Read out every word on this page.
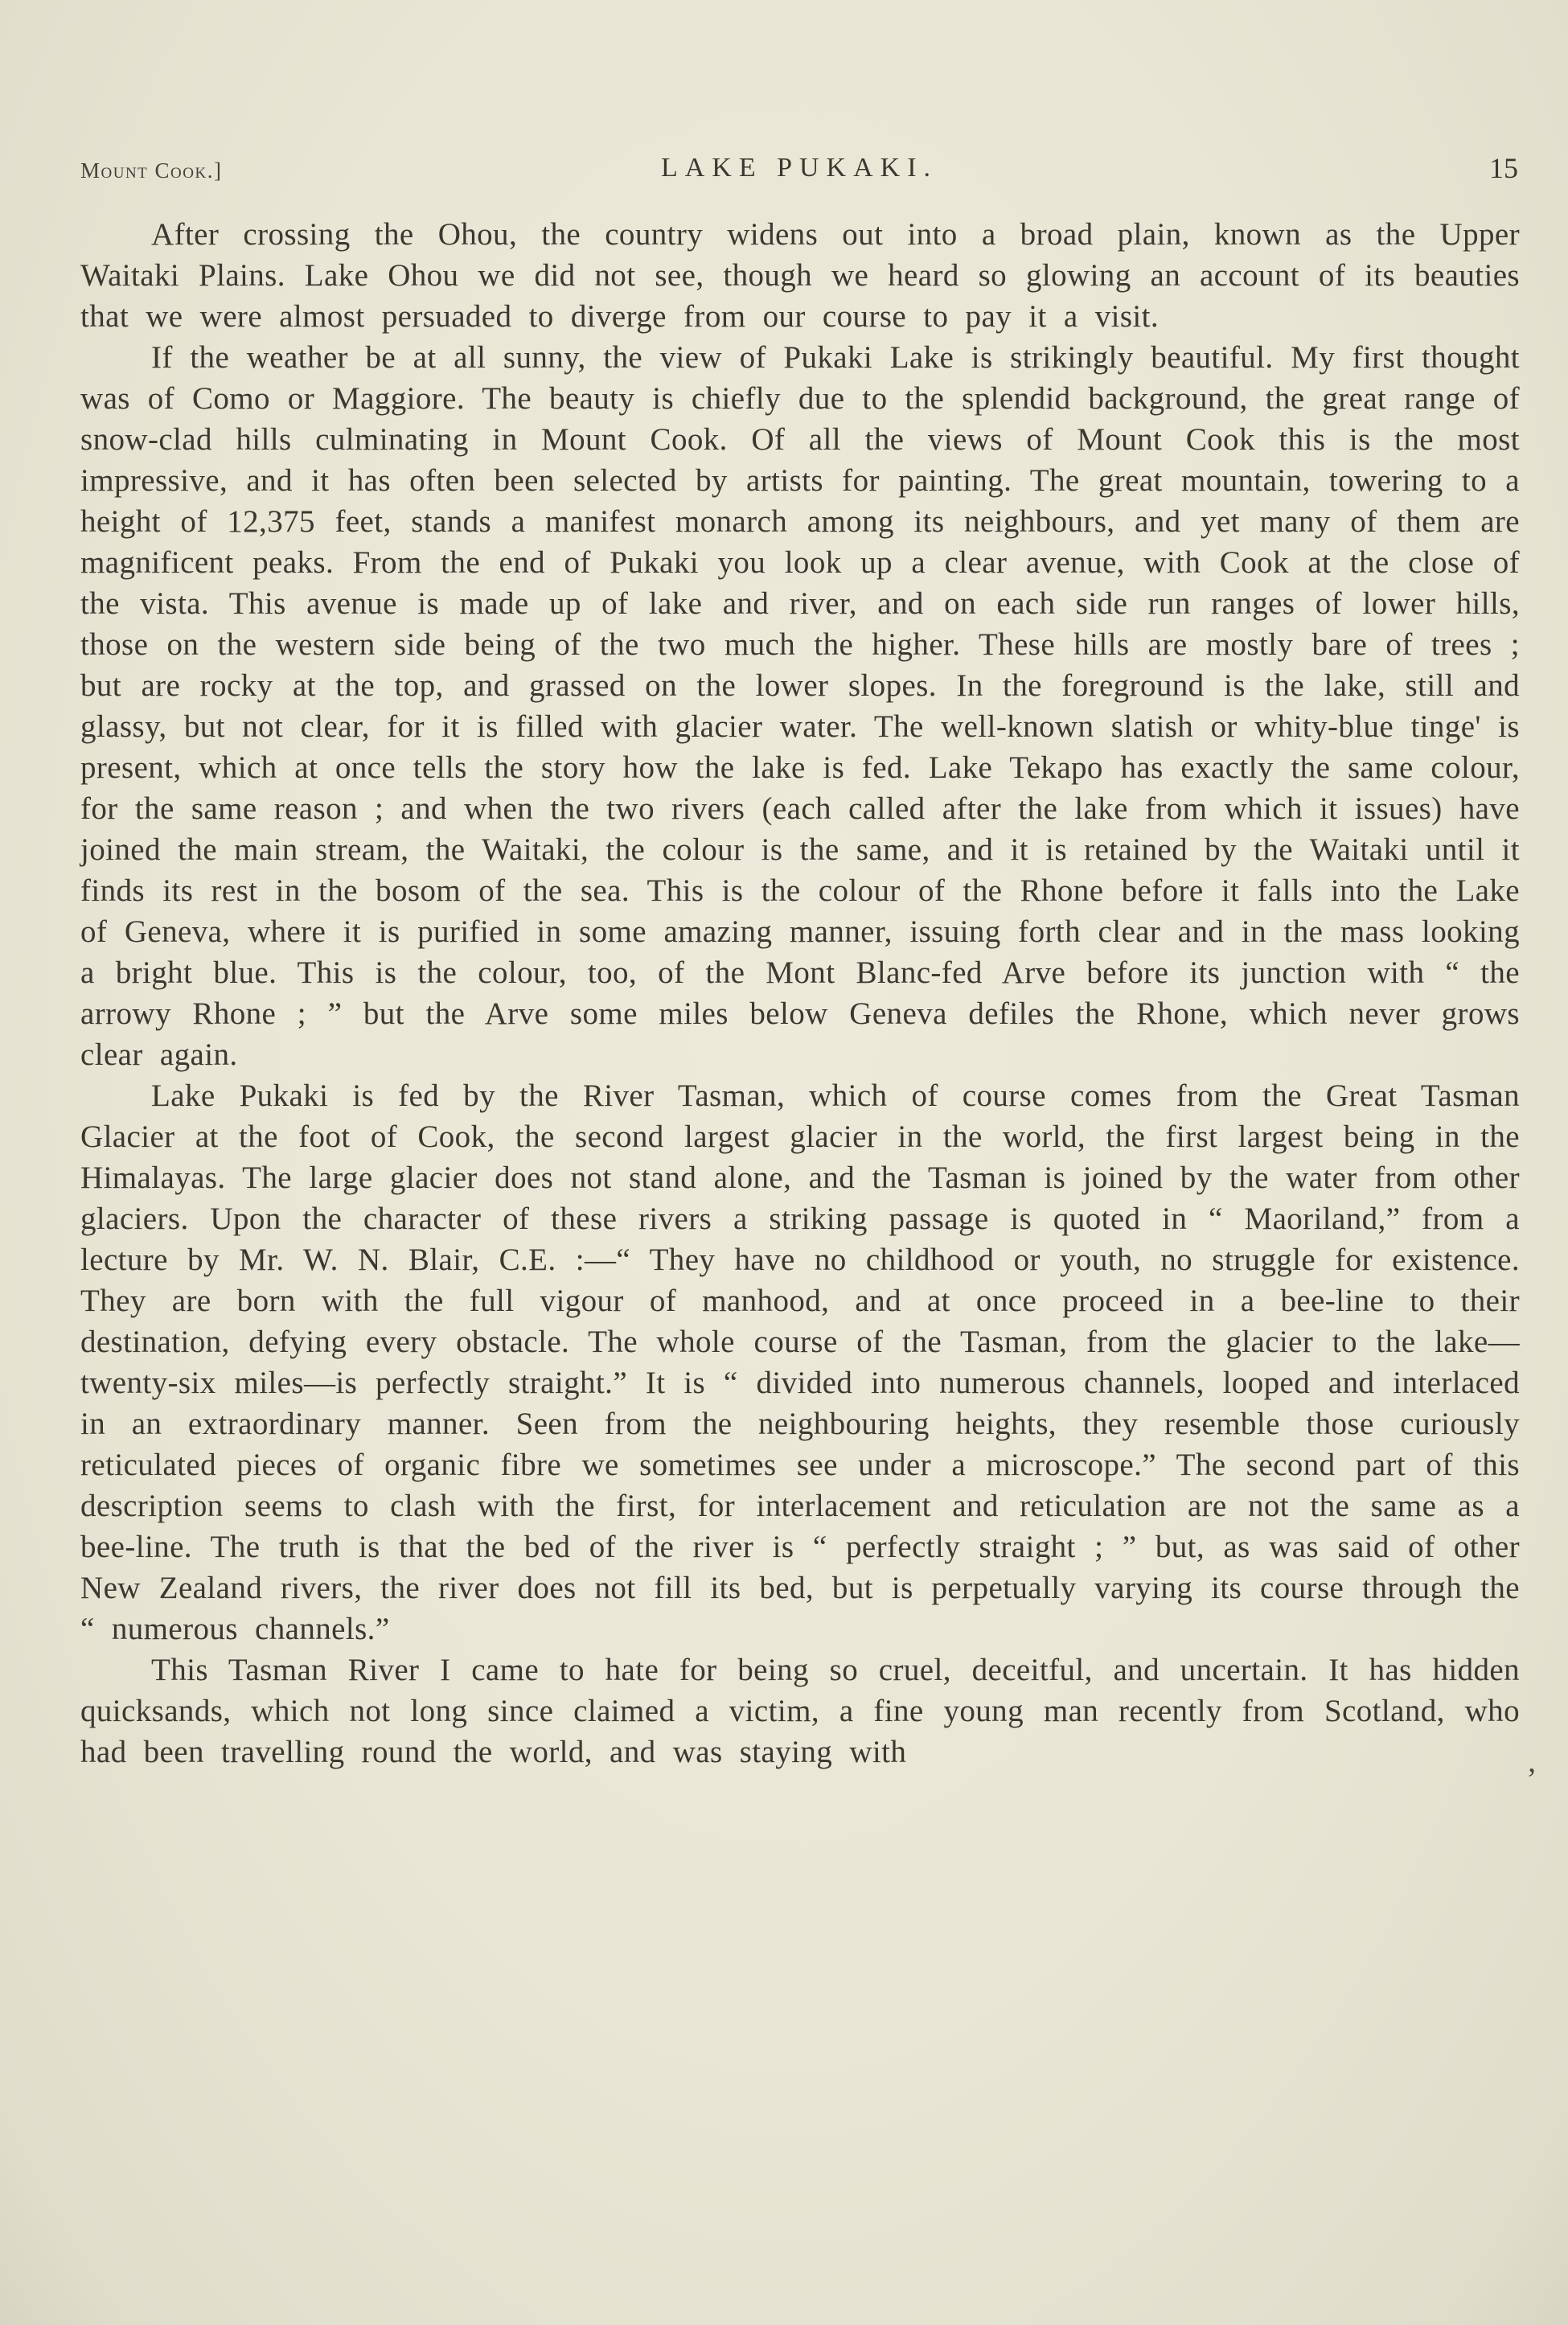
Mount Cook.]	LAKE PUKAKI.	15

After crossing the Ohou, the country widens out into a broad plain, known as the Upper Waitaki Plains. Lake Ohou we did not see, though we heard so glowing an account of its beauties that we were almost persuaded to diverge from our course to pay it a visit.

If the weather be at all sunny, the view of Pukaki Lake is strikingly beautiful. My first thought was of Como or Maggiore. The beauty is chiefly due to the splendid background, the great range of snow-clad hills culminating in Mount Cook. Of all the views of Mount Cook this is the most impressive, and it has often been selected by artists for painting. The great mountain, towering to a height of 12,375 feet, stands a manifest monarch among its neighbours, and yet many of them are magnificent peaks. From the end of Pukaki you look up a clear avenue, with Cook at the close of the vista. This avenue is made up of lake and river, and on each side run ranges of lower hills, those on the western side being of the two much the higher. These hills are mostly bare of trees ; but are rocky at the top, and grassed on the lower slopes. In the foreground is the lake, still and glassy, but not clear, for it is filled with glacier water. The well-known slatish or whity-blue tinge' is present, which at once tells the story how the lake is fed. Lake Tekapo has exactly the same colour, for the same reason ; and when the two rivers (each called after the lake from which it issues) have joined the main stream, the Waitaki, the colour is the same, and it is retained by the Waitaki until it finds its rest in the bosom of the sea. This is the colour of the Rhone before it falls into the Lake of Geneva, where it is purified in some amazing manner, issuing forth clear and in the mass looking a bright blue. This is the colour, too, of the Mont Blanc-fed Arve before its junction with “ the arrowy Rhone ; ” but the Arve some miles below Geneva defiles the Rhone, which never grows clear again.

Lake Pukaki is fed by the River Tasman, which of course comes from the Great Tasman Glacier at the foot of Cook, the second largest glacier in the world, the first largest being in the Himalayas. The large glacier does not stand alone, and the Tasman is joined by the water from other glaciers. Upon the character of these rivers a striking passage is quoted in “ Maoriland,” from a lecture by Mr. W. N. Blair, C.E. :—“ They have no childhood or youth, no struggle for existence. They are born with the full vigour of manhood, and at once proceed in a bee-line to their destination, defying every obstacle. The whole course of the Tasman, from the glacier to the lake—twenty-six miles—is perfectly straight.” It is “ divided into numerous channels, looped and interlaced in an extraordinary manner. Seen from the neighbouring heights, they resemble those curiously reticulated pieces of organic fibre we sometimes see under a microscope.” The second part of this description seems to clash with the first, for interlacement and reticulation are not the same as a bee-line. The truth is that the bed of the river is “ perfectly straight ; ” but, as was said of other New Zealand rivers, the river does not fill its bed, but is perpetually varying its course through the “ numerous channels.”

This Tasman River I came to hate for being so cruel, deceitful, and uncertain. It has hidden quicksands, which not long since claimed a victim, a fine young man recently from Scotland, who had been travelling round the world, and was staying with	,
